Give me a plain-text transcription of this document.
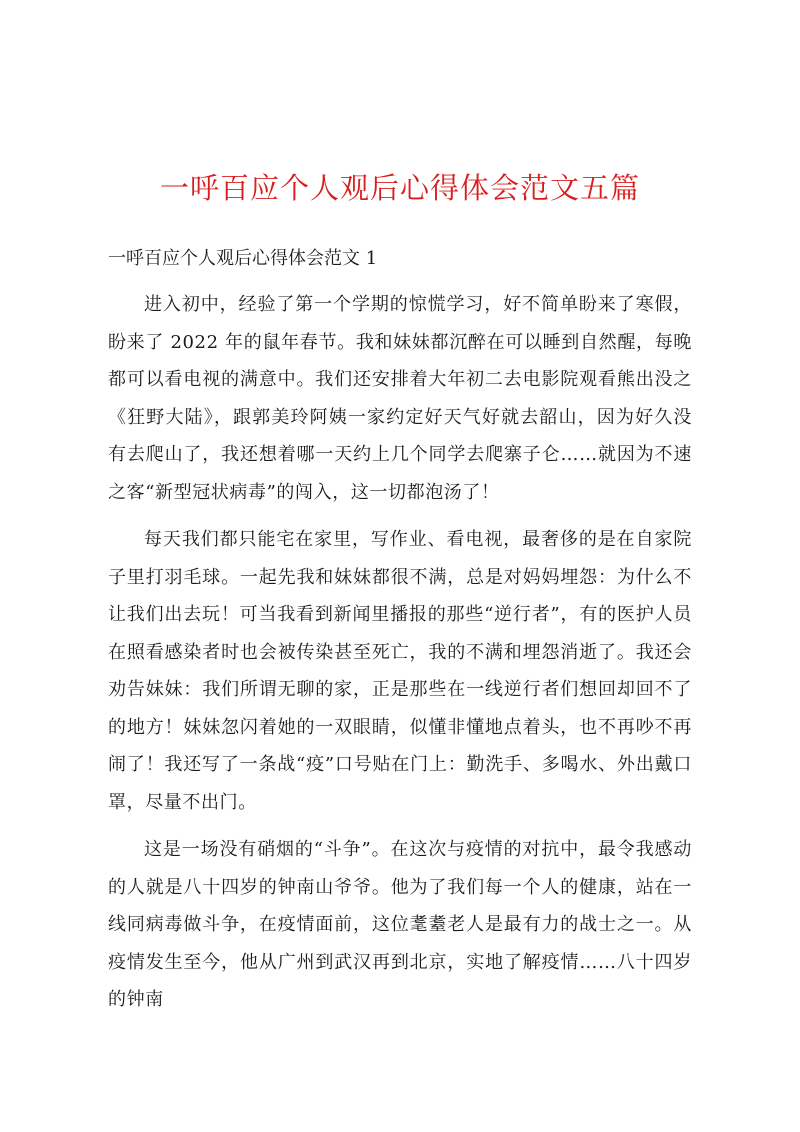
一呼百应个人观后心得体会范文五篇
一呼百应个人观后心得体会范文 1

进入初中，经验了第一个学期的惊慌学习，好不简单盼来了寒假，盼来了 2022 年的鼠年春节。我和妹妹都沉醉在可以睡到自然醒，每晚都可以看电视的满意中。我们还安排着大年初二去电影院观看熊出没之《狂野大陆》，跟郭美玲阿姨一家约定好天气好就去韶山，因为好久没有去爬山了，我还想着哪一天约上几个同学去爬寨子仑……就因为不速之客“新型冠状病毒”的闯入，这一切都泡汤了！

每天我们都只能宅在家里，写作业、看电视，最奢侈的是在自家院子里打羽毛球。一起先我和妹妹都很不满，总是对妈妈埋怨：为什么不让我们出去玩！可当我看到新闻里播报的那些“逆行者”，有的医护人员在照看感染者时也会被传染甚至死亡，我的不满和埋怨消逝了。我还会劝告妹妹：我们所谓无聊的家，正是那些在一线逆行者们想回却回不了的地方！妹妹忽闪着她的一双眼睛，似懂非懂地点着头，也不再吵不再闹了！我还写了一条战“疫”口号贴在门上：勤洗手、多喝水、外出戴口罩，尽量不出门。

这是一场没有硝烟的“斗争”。在这次与疫情的对抗中，最令我感动的人就是八十四岁的钟南山爷爷。他为了我们每一个人的健康，站在一线同病毒做斗争，在疫情面前，这位耄耋老人是最有力的战士之一。从疫情发生至今，他从广州到武汉再到北京，实地了解疫情……八十四岁的钟南
